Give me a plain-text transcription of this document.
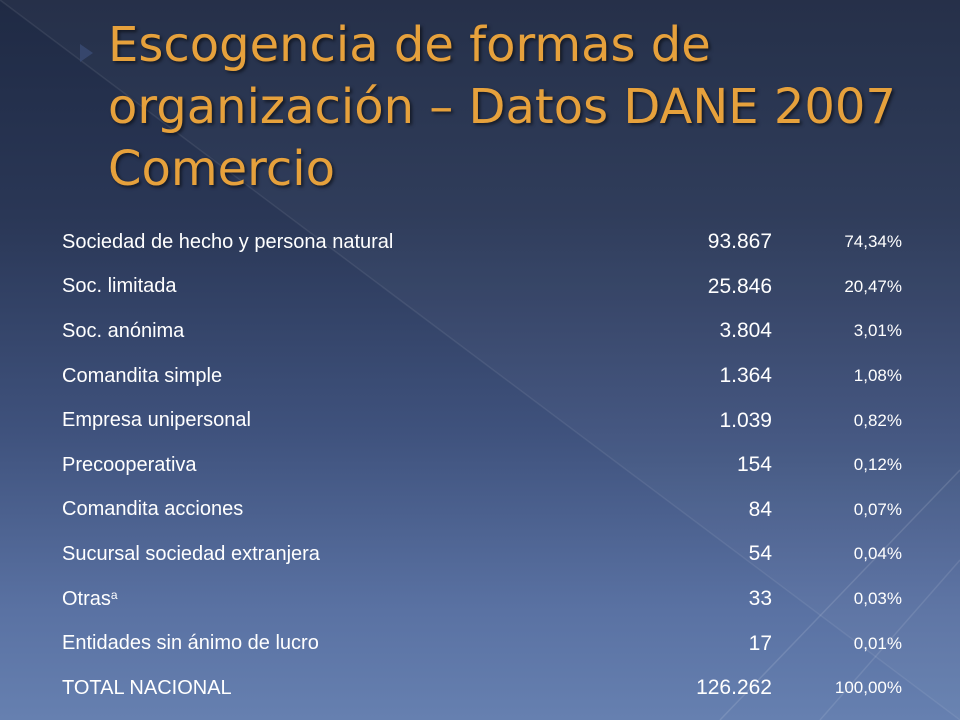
Escogencia de formas de organización – Datos DANE 2007 Comercio
Sociedad de hecho y persona natural	93.867	74,34%
Soc. limitada	25.846	20,47%
Soc. anónima	3.804	3,01%
Comandita simple	1.364	1,08%
Empresa unipersonal	1.039	0,82%
Precooperativa	154	0,12%
Comandita acciones	84	0,07%
Sucursal sociedad extranjera	54	0,04%
Otras$^a$	33	0,03%
Entidades sin ánimo de lucro	17	0,01%
TOTAL NACIONAL	126.262	100,00%
